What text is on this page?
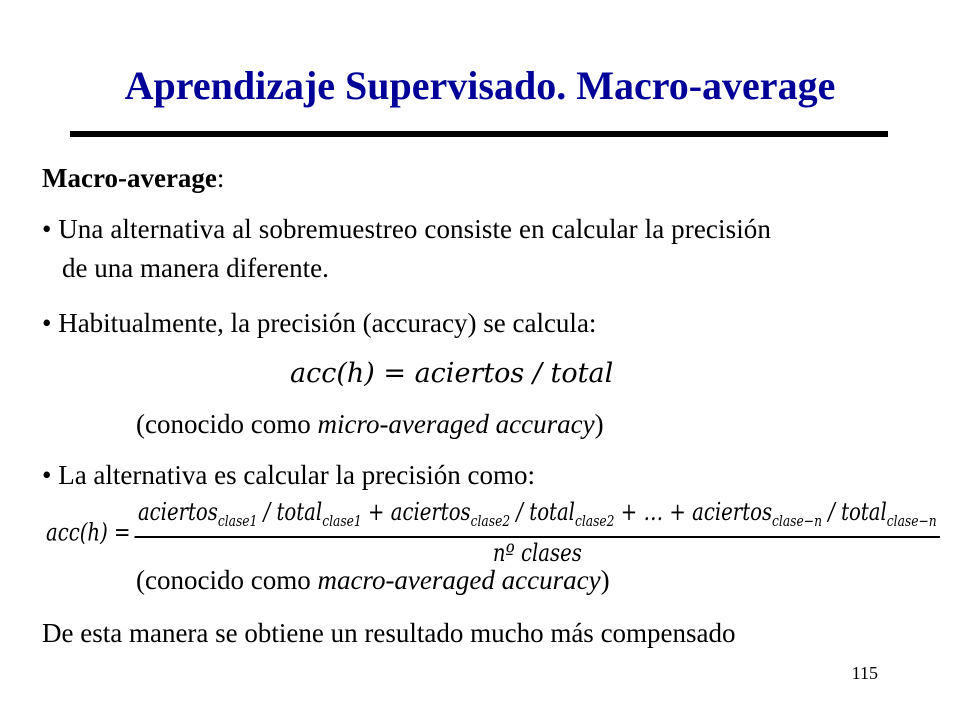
Aprendizaje Supervisado. Macro-average
Macro-average:
• Una alternativa al sobremuestreo consiste en calcular la precisión
de una manera diferente.
• Habitualmente, la precisión (accuracy) se calcula:
acc(h) = aciertos / total
(conocido como micro-averaged accuracy)
• La alternativa es calcular la precisión como:
acc(h) =
aciertos$_{clase1}$ / total$_{clase1}$ + aciertos$_{clase2}$ / total$_{clase2}$ + … + aciertos$_{clase-n}$ / total$_{clase-n}$
nº clases
(conocido como macro-averaged accuracy)
De esta manera se obtiene un resultado mucho más compensado
115
